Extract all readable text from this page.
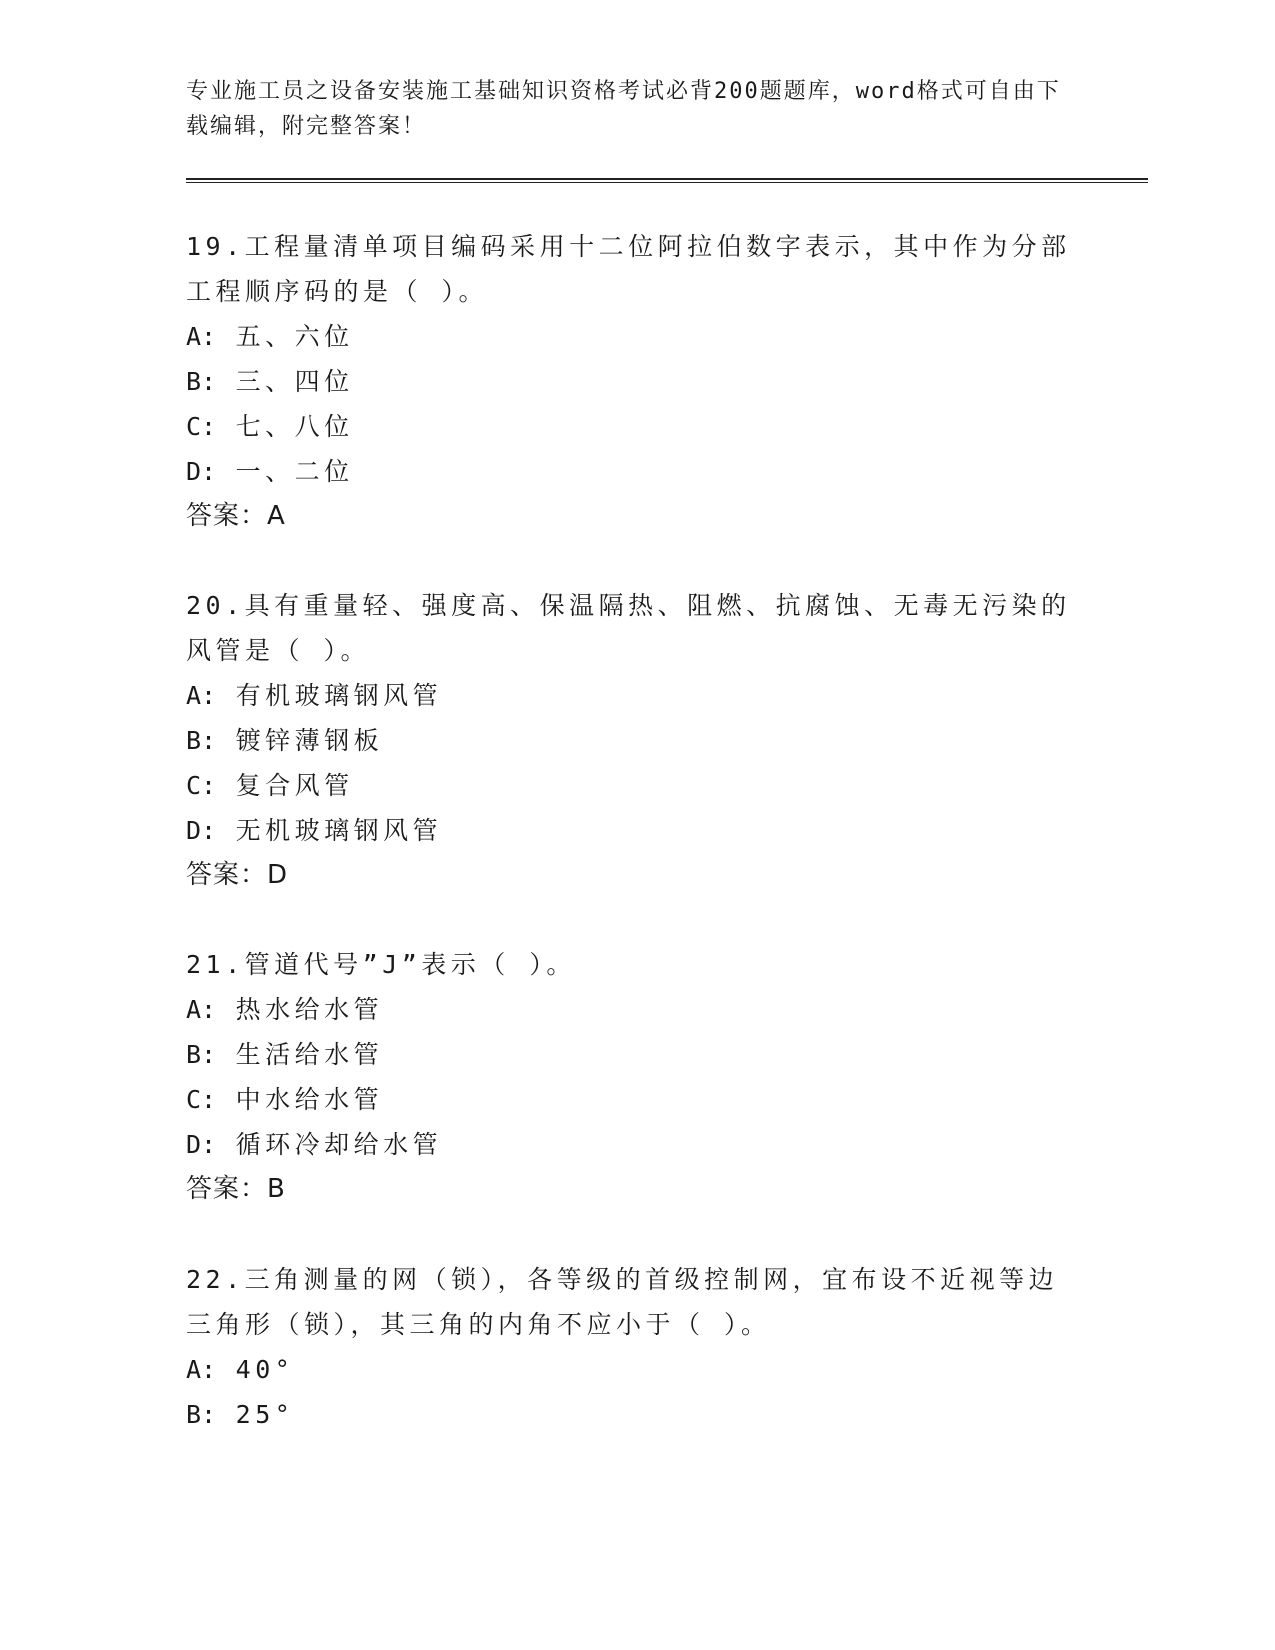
专业施工员之设备安装施工基础知识资格考试必背200题题库，word格式可自由下载编辑，附完整答案！
19.工程量清单项目编码采用十二位阿拉伯数字表示，其中作为分部工程顺序码的是（ ）。
A: 五、六位
B: 三、四位
C: 七、八位
D: 一、二位
答案：A
20.具有重量轻、强度高、保温隔热、阻燃、抗腐蚀、无毒无污染的风管是（ ）。
A: 有机玻璃钢风管
B: 镀锌薄钢板
C: 复合风管
D: 无机玻璃钢风管
答案：D
21.管道代号”J”表示（ ）。
A: 热水给水管
B: 生活给水管
C: 中水给水管
D: 循环冷却给水管
答案：B
22.三角测量的网（锁），各等级的首级控制网，宜布设不近视等边三角形（锁），其三角的内角不应小于（ ）。
A: 40°
B: 25°
